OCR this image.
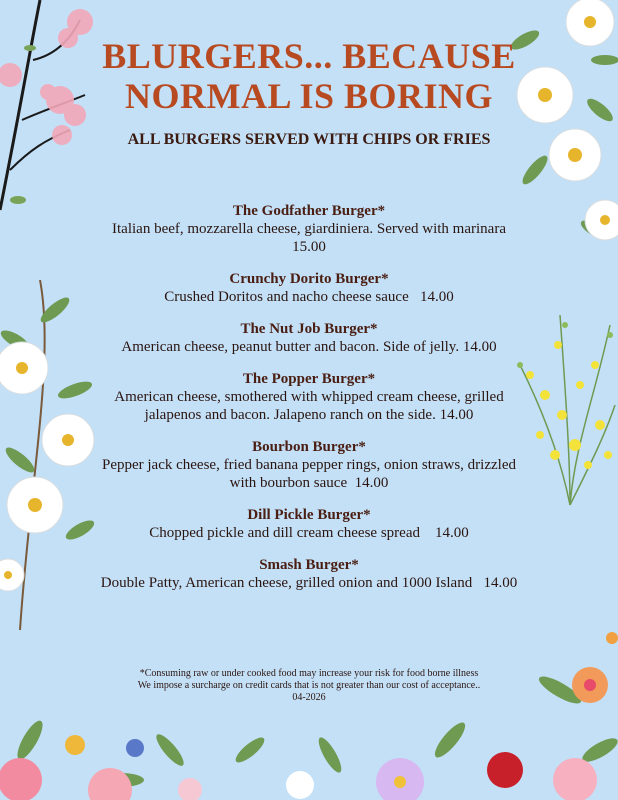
BLURGERS... BECAUSE
NORMAL IS BORING
ALL BURGERS SERVED WITH CHIPS OR FRIES
The Godfather Burger*
Italian beef, mozzarella cheese, giardiniera. Served with marinara   15.00
Crunchy Dorito Burger*
Crushed Doritos and nacho cheese sauce   14.00
The Nut Job Burger*
American cheese, peanut butter and bacon. Side of jelly. 14.00
The Popper Burger*
American cheese, smothered with whipped cream cheese, grilled jalapenos and bacon. Jalapeno ranch on the side. 14.00
Bourbon Burger*
Pepper jack cheese, fried banana pepper rings, onion straws, drizzled with bourbon sauce  14.00
Dill Pickle Burger*
Chopped pickle and dill cream cheese spread    14.00
Smash Burger*
Double Patty, American cheese, grilled onion and 1000 Island   14.00
*Consuming raw or under cooked food may increase your risk for food borne illness
We impose a surcharge on credit cards that is not greater than our cost of acceptance..
04-2026
